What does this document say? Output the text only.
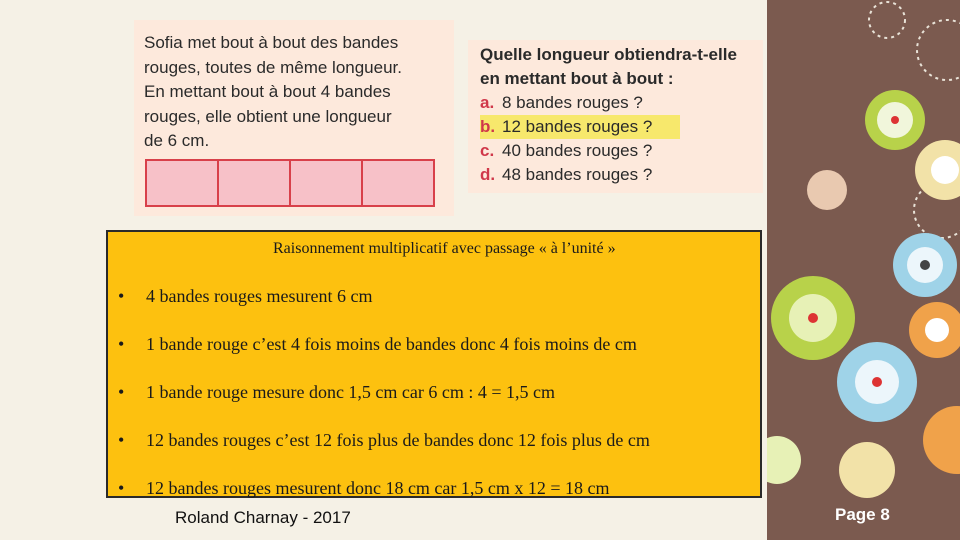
Sofia met bout à bout des bandes
rouges, toutes de même longueur.
En mettant bout à bout 4 bandes
rouges, elle obtient une longueur
de 6 cm.
Quelle longueur obtiendra-t-elle
en mettant bout à bout :
a. 8 bandes rouges ?
b. 12 bandes rouges ?
c. 40 bandes rouges ?
d. 48 bandes rouges ?
Raisonnement multiplicatif avec passage « à l’unité »
•	4 bandes rouges mesurent 6 cm
•	1 bande rouge c’est 4 fois moins de bandes donc 4 fois moins de cm
•	1 bande rouge mesure donc 1,5 cm car 6 cm : 4 = 1,5 cm
•	12 bandes rouges c’est 12 fois plus de bandes donc 12 fois plus de cm
•	12 bandes rouges mesurent donc 18 cm car 1,5 cm x 12 = 18 cm
Roland Charnay - 2017	Page 8
